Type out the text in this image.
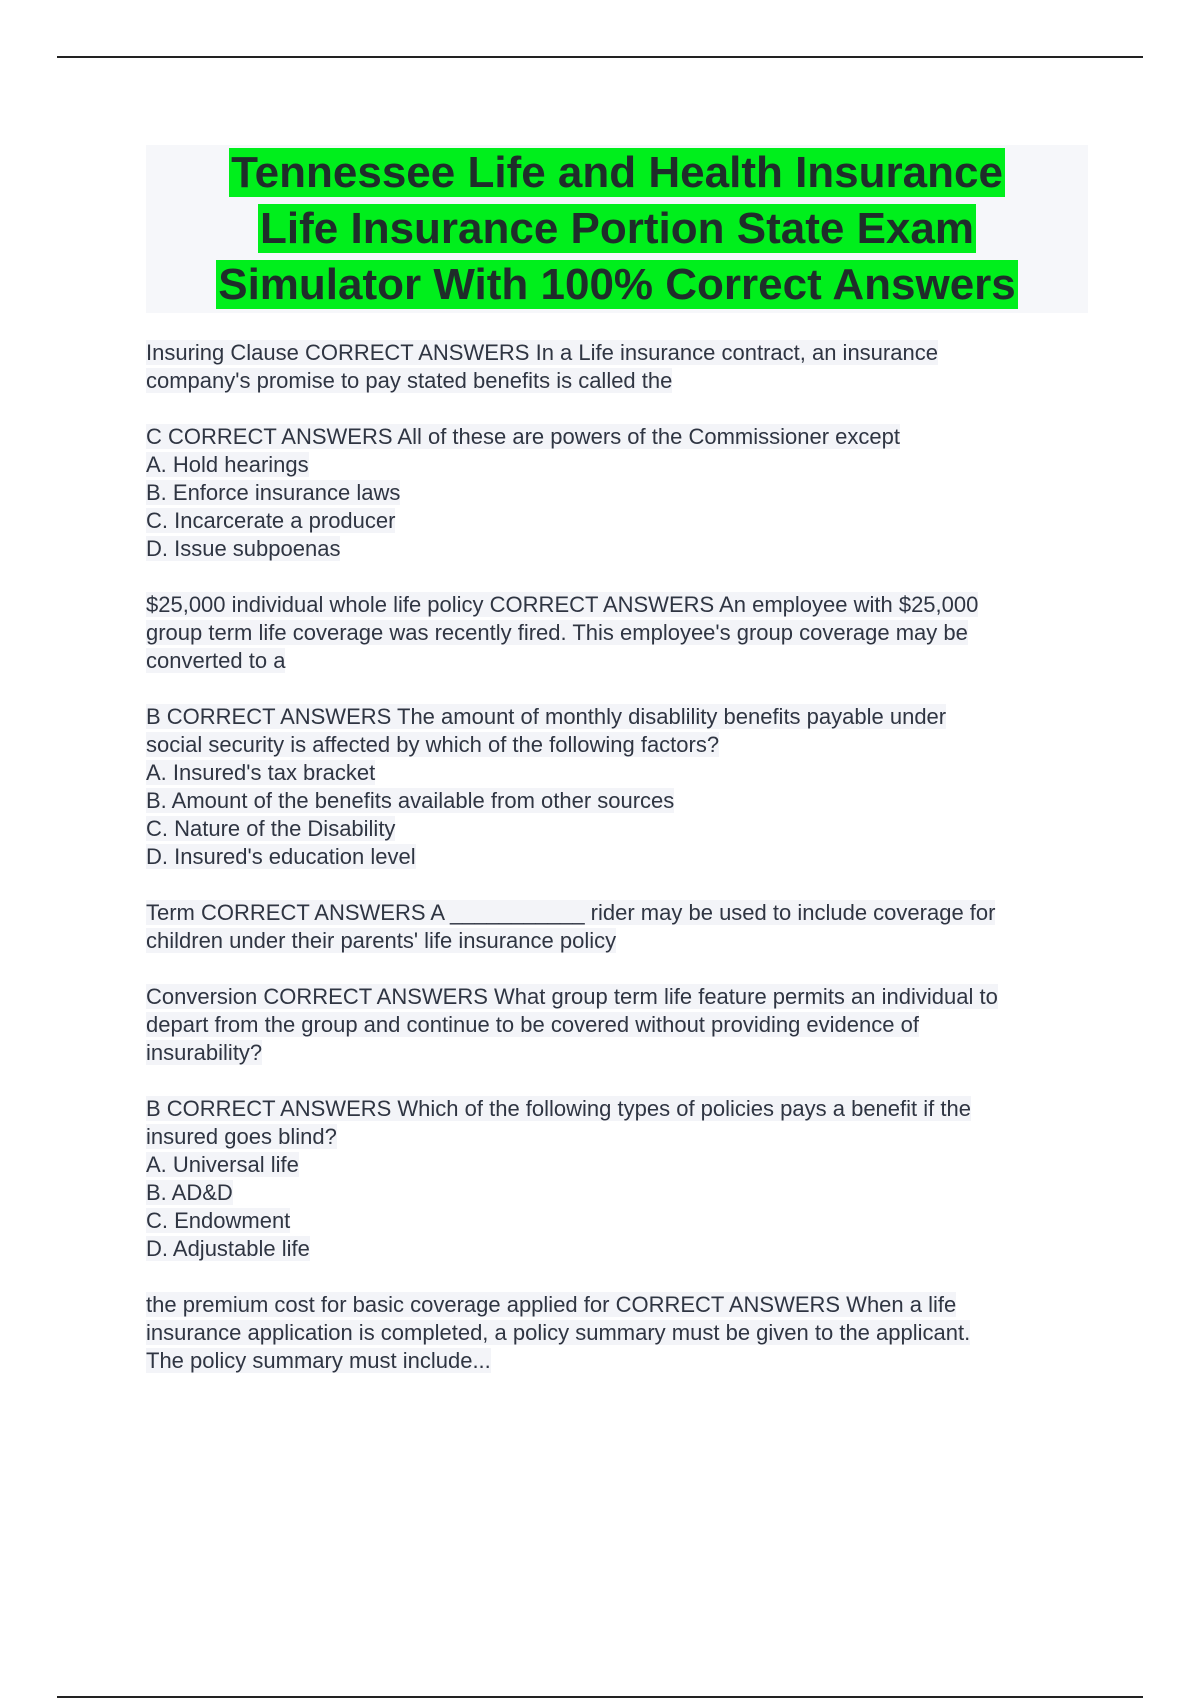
Tennessee Life and Health Insurance
Life Insurance Portion State Exam
Simulator With 100% Correct Answers
Insuring Clause CORRECT ANSWERS In a Life insurance contract, an insurance
company's promise to pay stated benefits is called the
C CORRECT ANSWERS All of these are powers of the Commissioner except
A. Hold hearings
B. Enforce insurance laws
C. Incarcerate a producer
D. Issue subpoenas
$25,000 individual whole life policy CORRECT ANSWERS An employee with $25,000
group term life coverage was recently fired. This employee's group coverage may be
converted to a
B CORRECT ANSWERS The amount of monthly disablility benefits payable under
social security is affected by which of the following factors?
A. Insured's tax bracket
B. Amount of the benefits available from other sources
C. Nature of the Disability
D. Insured's education level
Term CORRECT ANSWERS A ___________ rider may be used to include coverage for
children under their parents' life insurance policy
Conversion CORRECT ANSWERS What group term life feature permits an individual to
depart from the group and continue to be covered without providing evidence of
insurability?
B CORRECT ANSWERS Which of the following types of policies pays a benefit if the
insured goes blind?
A. Universal life
B. AD&D
C. Endowment
D. Adjustable life
the premium cost for basic coverage applied for CORRECT ANSWERS When a life
insurance application is completed, a policy summary must be given to the applicant.
The policy summary must include...
